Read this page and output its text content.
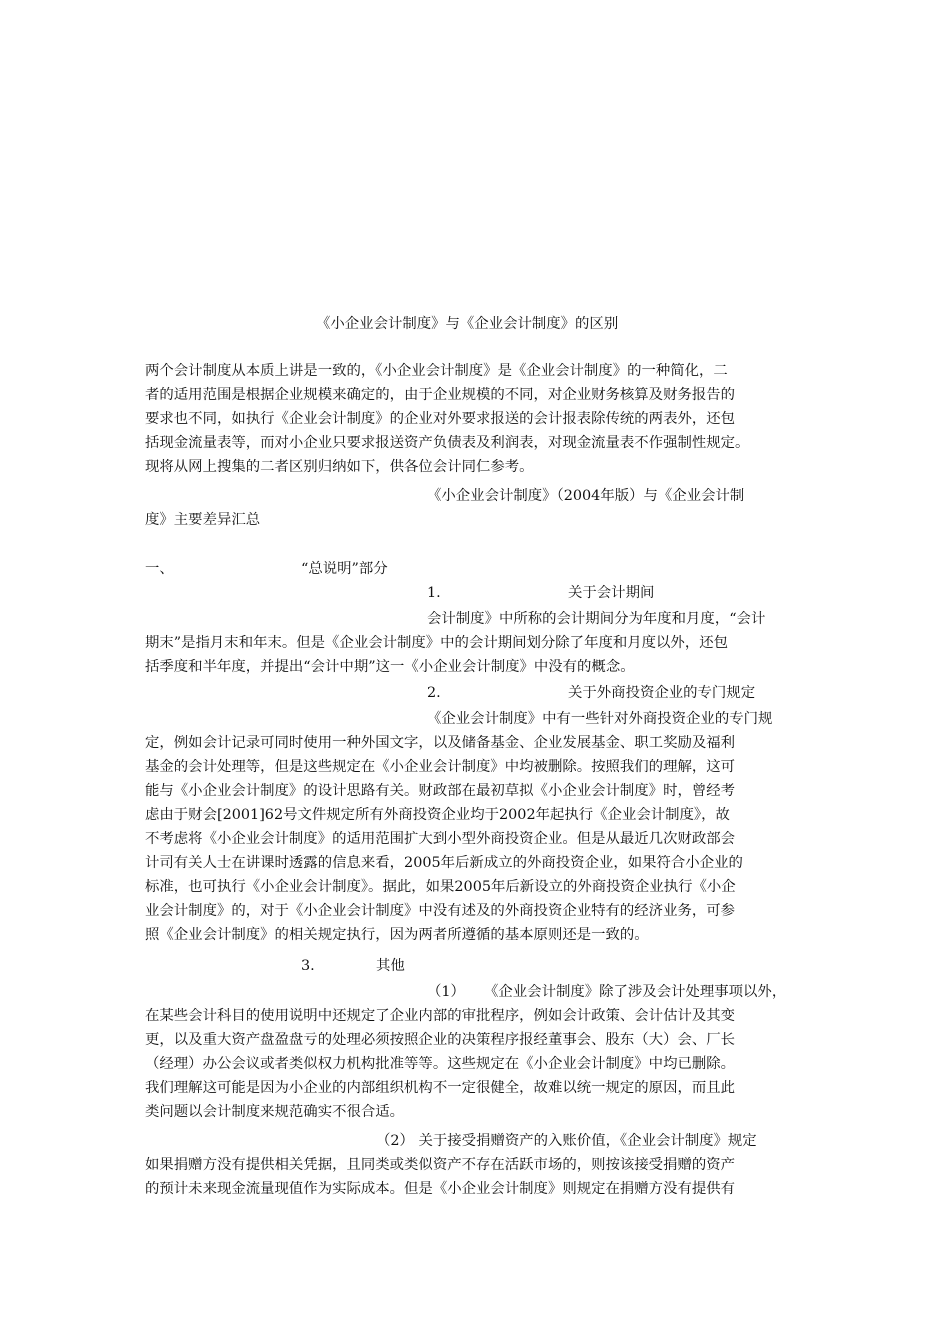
《小企业会计制度》与《企业会计制度》的区别
两个会计制度从本质上讲是一致的，《小企业会计制度》是《企业会计制度》的一种简化，二
者的适用范围是根据企业规模来确定的，由于企业规模的不同，对企业财务核算及财务报告的
要求也不同，如执行《企业会计制度》的企业对外要求报送的会计报表除传统的两表外，还包
括现金流量表等，而对小企业只要求报送资产负债表及利润表，对现金流量表不作强制性规定。
现将从网上搜集的二者区别归纳如下，供各位会计同仁参考。
《小企业会计制度》（2004年版）与《企业会计制
度》主要差异汇总
一、	“总说明”部分
1.	关于会计期间
会计制度》中所称的会计期间分为年度和月度，“会计
期末”是指月末和年末。但是《企业会计制度》中的会计期间划分除了年度和月度以外，还包
括季度和半年度，并提出“会计中期”这一《小企业会计制度》中没有的概念。
2.	关于外商投资企业的专门规定
《企业会计制度》中有一些针对外商投资企业的专门规
定，例如会计记录可同时使用一种外国文字，以及储备基金、企业发展基金、职工奖励及福利
基金的会计处理等，但是这些规定在《小企业会计制度》中均被删除。按照我们的理解，这可
能与《小企业会计制度》的设计思路有关。财政部在最初草拟《小企业会计制度》时，曾经考
虑由于财会[2001]62号文件规定所有外商投资企业均于2002年起执行《企业会计制度》，故
不考虑将《小企业会计制度》的适用范围扩大到小型外商投资企业。但是从最近几次财政部会
计司有关人士在讲课时透露的信息来看，2005年后新成立的外商投资企业，如果符合小企业的
标准，也可执行《小企业会计制度》。据此，如果2005年后新设立的外商投资企业执行《小企
业会计制度》的，对于《小企业会计制度》中没有述及的外商投资企业特有的经济业务，可参
照《企业会计制度》的相关规定执行，因为两者所遵循的基本原则还是一致的。
3.	其他
（1） 《企业会计制度》除了涉及会计处理事项以外，
在某些会计科目的使用说明中还规定了企业内部的审批程序，例如会计政策、会计估计及其变
更，以及重大资产盘盈盘亏的处理必须按照企业的决策程序报经董事会、股东（大）会、厂长
（经理）办公会议或者类似权力机构批准等等。这些规定在《小企业会计制度》中均已删除。
我们理解这可能是因为小企业的内部组织机构不一定很健全，故难以统一规定的原因，而且此
类问题以会计制度来规范确实不很合适。
（2） 关于接受捐赠资产的入账价值，《企业会计制度》规定
如果捐赠方没有提供相关凭据，且同类或类似资产不存在活跃市场的，则按该接受捐赠的资产
的预计未来现金流量现值作为实际成本。但是《小企业会计制度》则规定在捐赠方没有提供有
